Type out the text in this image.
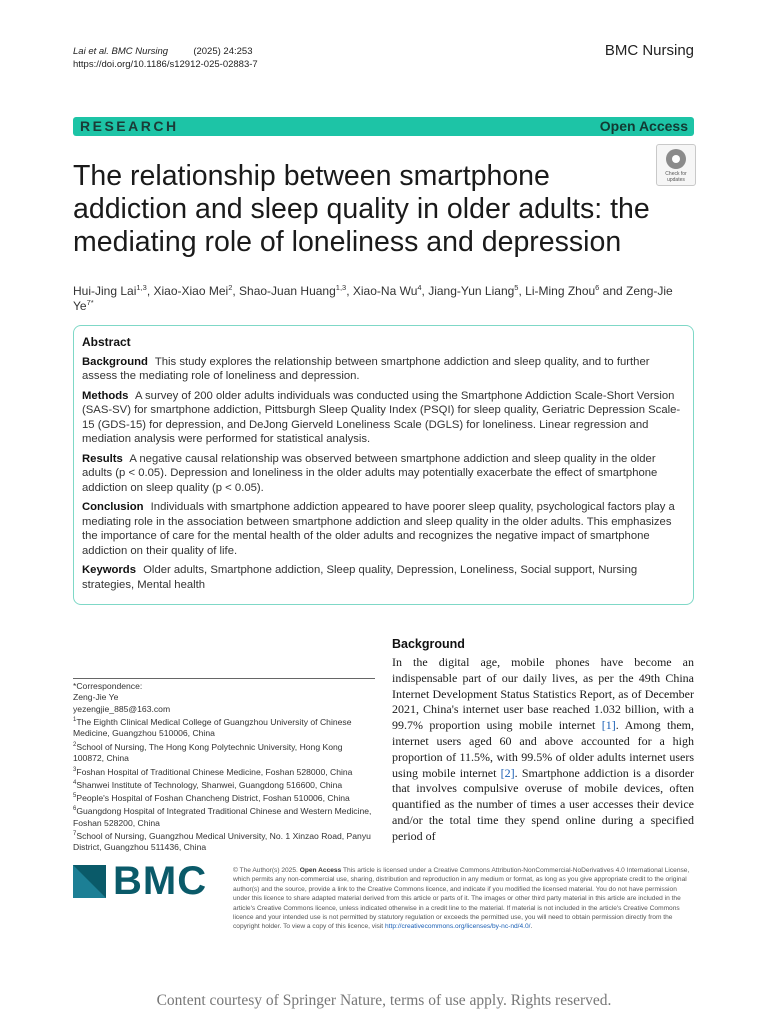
Lai et al. BMC Nursing	(2025) 24:253
https://doi.org/10.1186/s12912-025-02883-7
BMC Nursing
RESEARCH	Open Access
The relationship between smartphone addiction and sleep quality in older adults: the mediating role of loneliness and depression
Check for updates
Hui-Jing Lai$^{1,3}$, Xiao-Xiao Mei$^2$, Shao-Juan Huang$^{1,3}$, Xiao-Na Wu$^4$, Jiang-Yun Liang$^5$, Li-Ming Zhou$^6$ and Zeng-Jie $Ye^{7*}$
Abstract
Background This study explores the relationship between smartphone addiction and sleep quality, and to further assess the mediating role of loneliness and depression.
Methods A survey of 200 older adults individuals was conducted using the Smartphone Addiction Scale-Short Version (SAS-SV) for smartphone addiction, Pittsburgh Sleep Quality Index (PSQI) for sleep quality, Geriatric Depression Scale-15 (GDS-15) for depression, and DeJong Gierveld Loneliness Scale (DGLS) for loneliness. Linear regression and mediation analysis were performed for statistical analysis.
Results A negative causal relationship was observed between smartphone addiction and sleep quality in the older adults (p < 0.05). Depression and loneliness in the older adults may potentially exacerbate the effect of smartphone addiction on sleep quality (p < 0.05).
Conclusion Individuals with smartphone addiction appeared to have poorer sleep quality, psychological factors play a mediating role in the association between smartphone addiction and sleep quality in the older adults. This emphasizes the importance of care for the mental health of the older adults and recognizes the negative impact of smartphone addiction on their quality of life.
Keywords Older adults, Smartphone addiction, Sleep quality, Depression, Loneliness, Social support, Nursing strategies, Mental health
*Correspondence:
Zeng-Jie Ye
yezengjie_885@163.com
$^1$The Eighth Clinical Medical College of Guangzhou University of Chinese Medicine, Guangzhou 510006, China
$^2$School of Nursing, The Hong Kong Polytechnic University, Hong Kong 100872, China
$^3$Foshan Hospital of Traditional Chinese Medicine, Foshan 528000, China
$^4$Shanwei Institute of Technology, Shanwei, Guangdong 516600, China
$^5$People's Hospital of Foshan Chancheng District, Foshan 510006, China
$^6$Guangdong Hospital of Integrated Traditional Chinese and Western Medicine, Foshan 528200, China
$^7$School of Nursing, Guangzhou Medical University, No. 1 Xinzao Road, Panyu District, Guangzhou 511436, China
Background
In the digital age, mobile phones have become an indispensable part of our daily lives, as per the 49th China Internet Development Status Statistics Report, as of December 2021, China's internet user base reached 1.032 billion, with a 99.7% proportion using mobile internet [1]. Among them, internet users aged 60 and above accounted for a high proportion of 11.5%, with 99.5% of older adults internet users using mobile internet [2]. Smartphone addiction is a disorder that involves compulsive overuse of mobile devices, often quantified as the number of times a user accesses their device and/or the total time they spend online during a specified period of
BMC	© The Author(s) 2025. Open Access This article is licensed under a Creative Commons Attribution-NonCommercial-NoDerivatives 4.0 International License, which permits any non-commercial use, sharing, distribution and reproduction in any medium or format, as long as you give appropriate credit to the original author(s) and the source, provide a link to the Creative Commons licence, and indicate if you modified the licensed material. You do not have permission under this licence to share adapted material derived from this article or parts of it. The images or other third party material in this article are included in the article's Creative Commons licence, unless indicated otherwise in a credit line to the material. If material is not included in the article's Creative Commons licence and your intended use is not permitted by statutory regulation or exceeds the permitted use, you will need to obtain permission directly from the copyright holder. To view a copy of this licence, visit http://creativecommons.org/licenses/by-nc-nd/4.0/.
Content courtesy of Springer Nature, terms of use apply. Rights reserved.
